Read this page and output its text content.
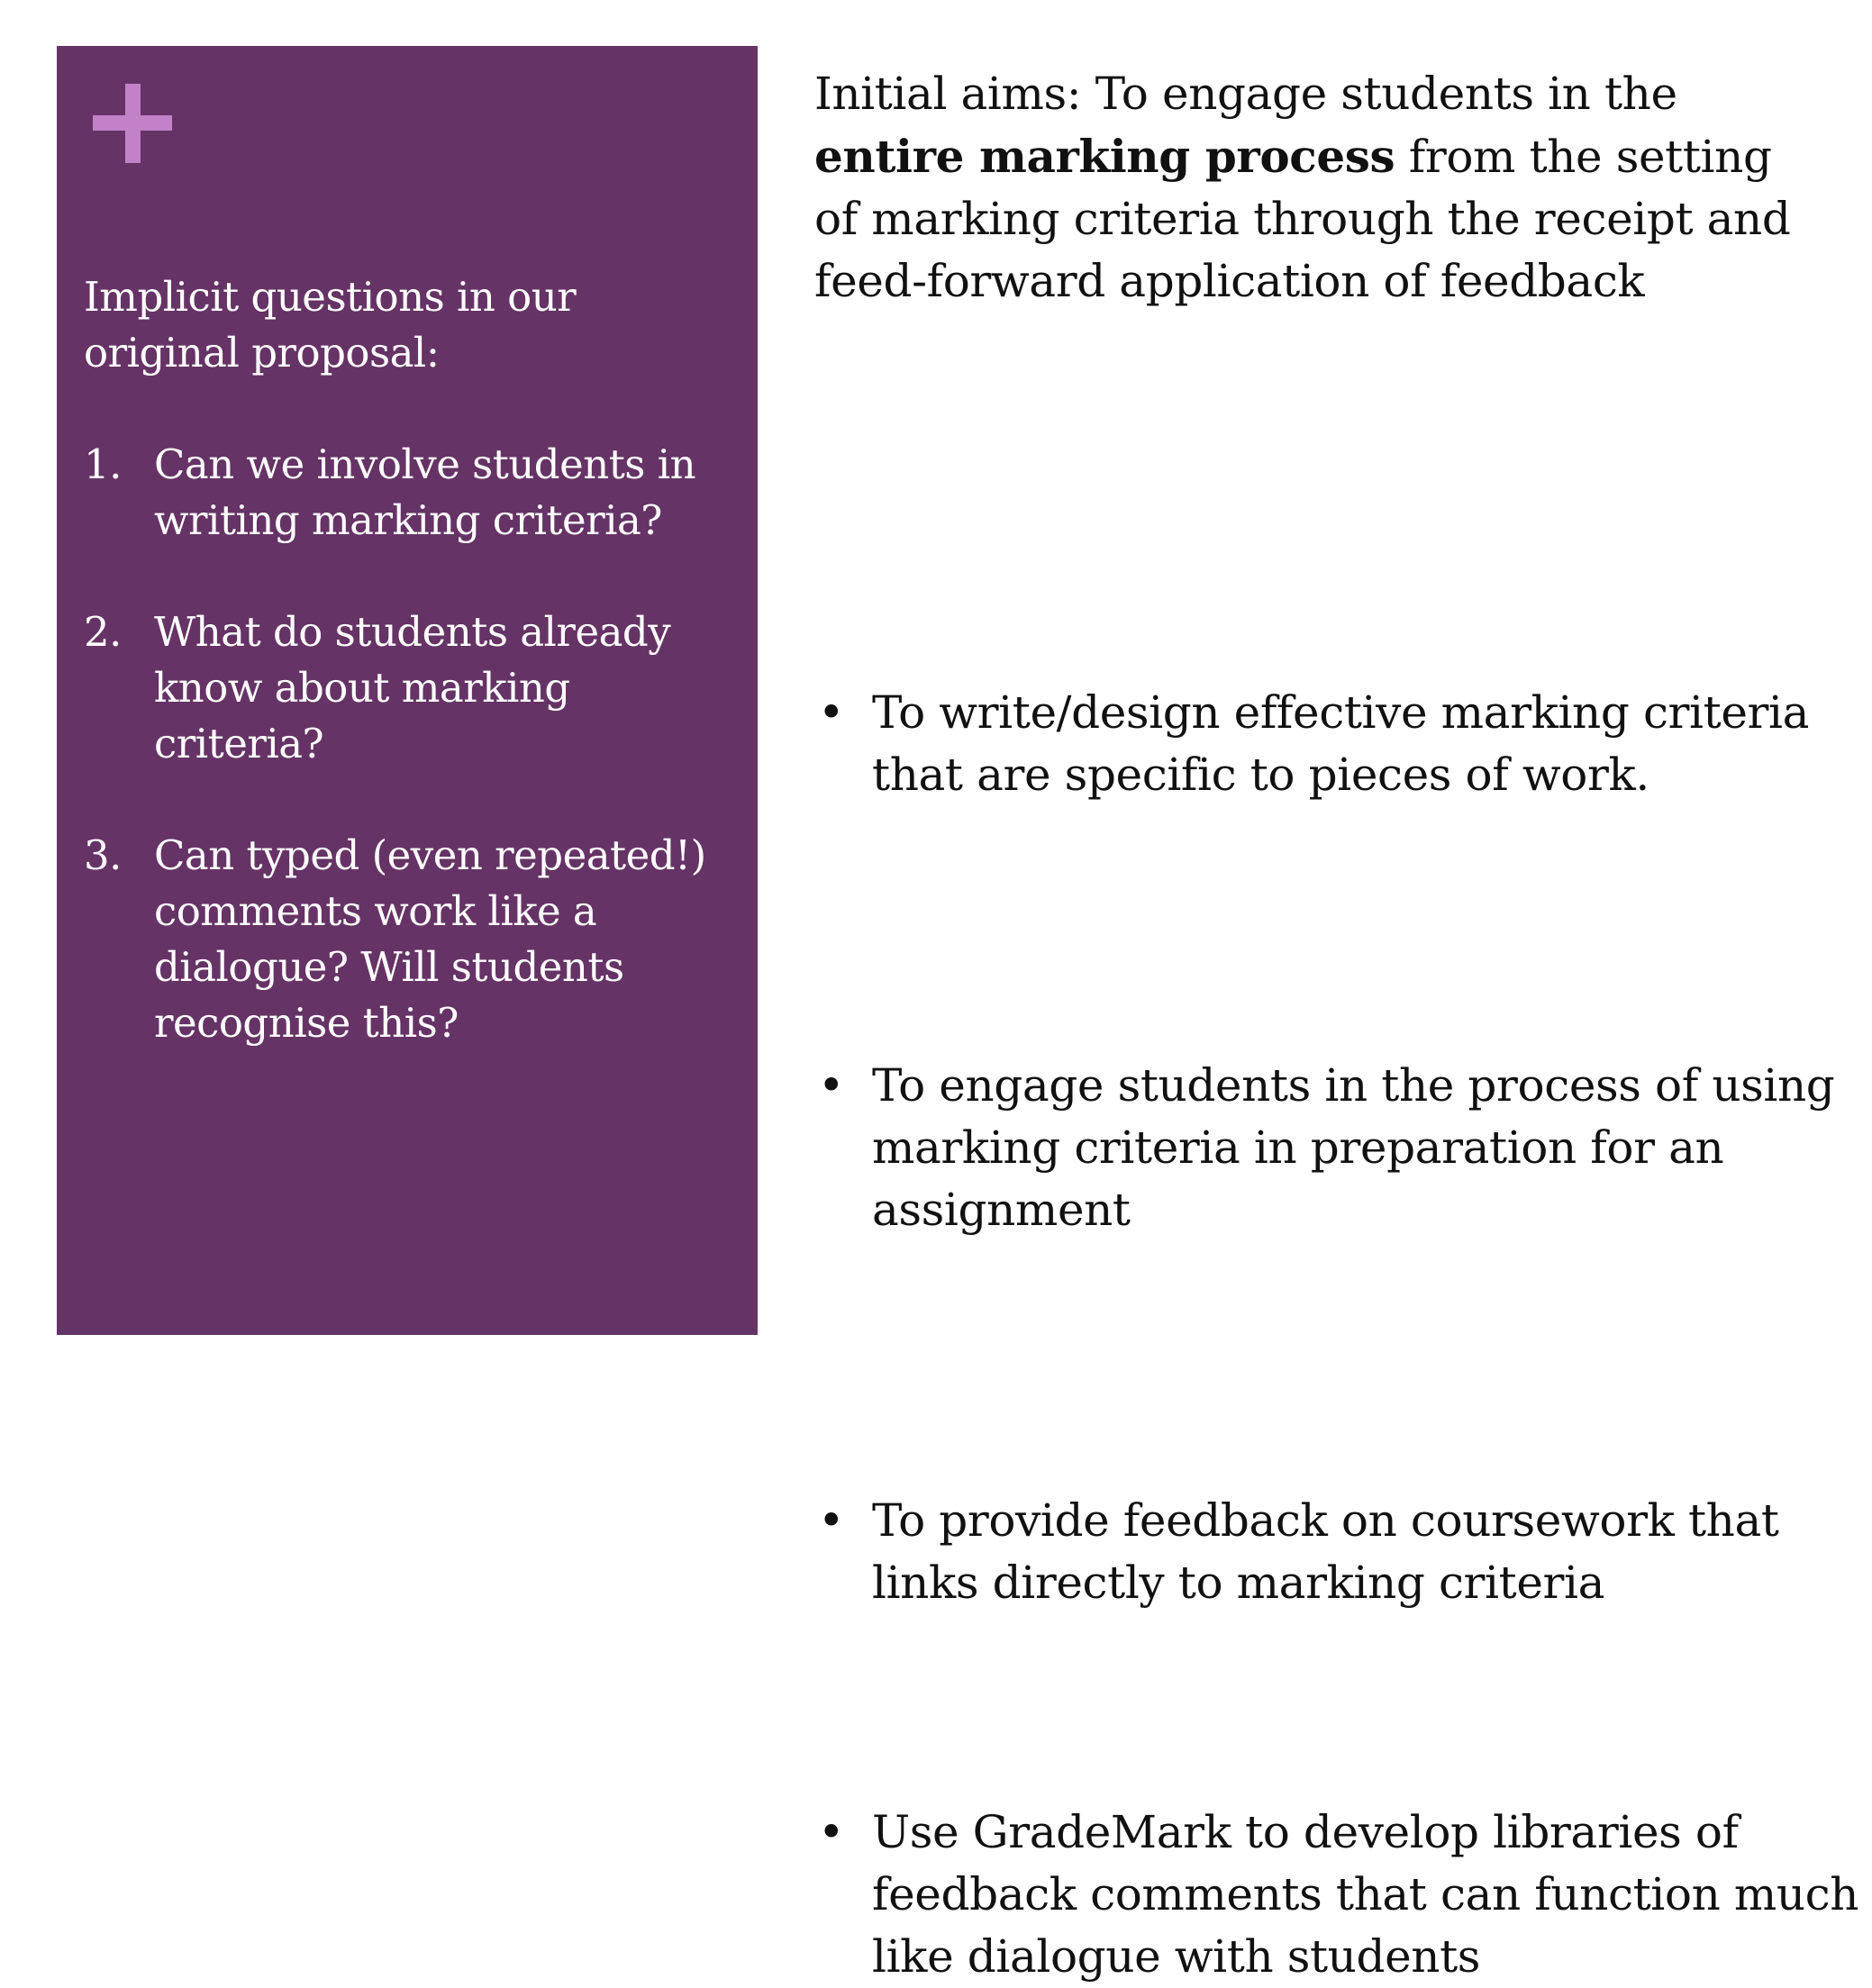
Implicit questions in our original proposal:
1. Can we involve students in writing marking criteria?
2. What do students already know about marking criteria?
3. Can typed (even repeated!) comments work like a dialogue? Will students recognise this?

Initial aims: To engage students in the entire marking process from the setting of marking criteria through the receipt and feed-forward application of feedback

• To write/design effective marking criteria that are specific to pieces of work.
• To engage students in the process of using marking criteria in preparation for an assignment
• To provide feedback on coursework that links directly to marking criteria
• Use GradeMark to develop libraries of feedback comments that can function much like dialogue with students
